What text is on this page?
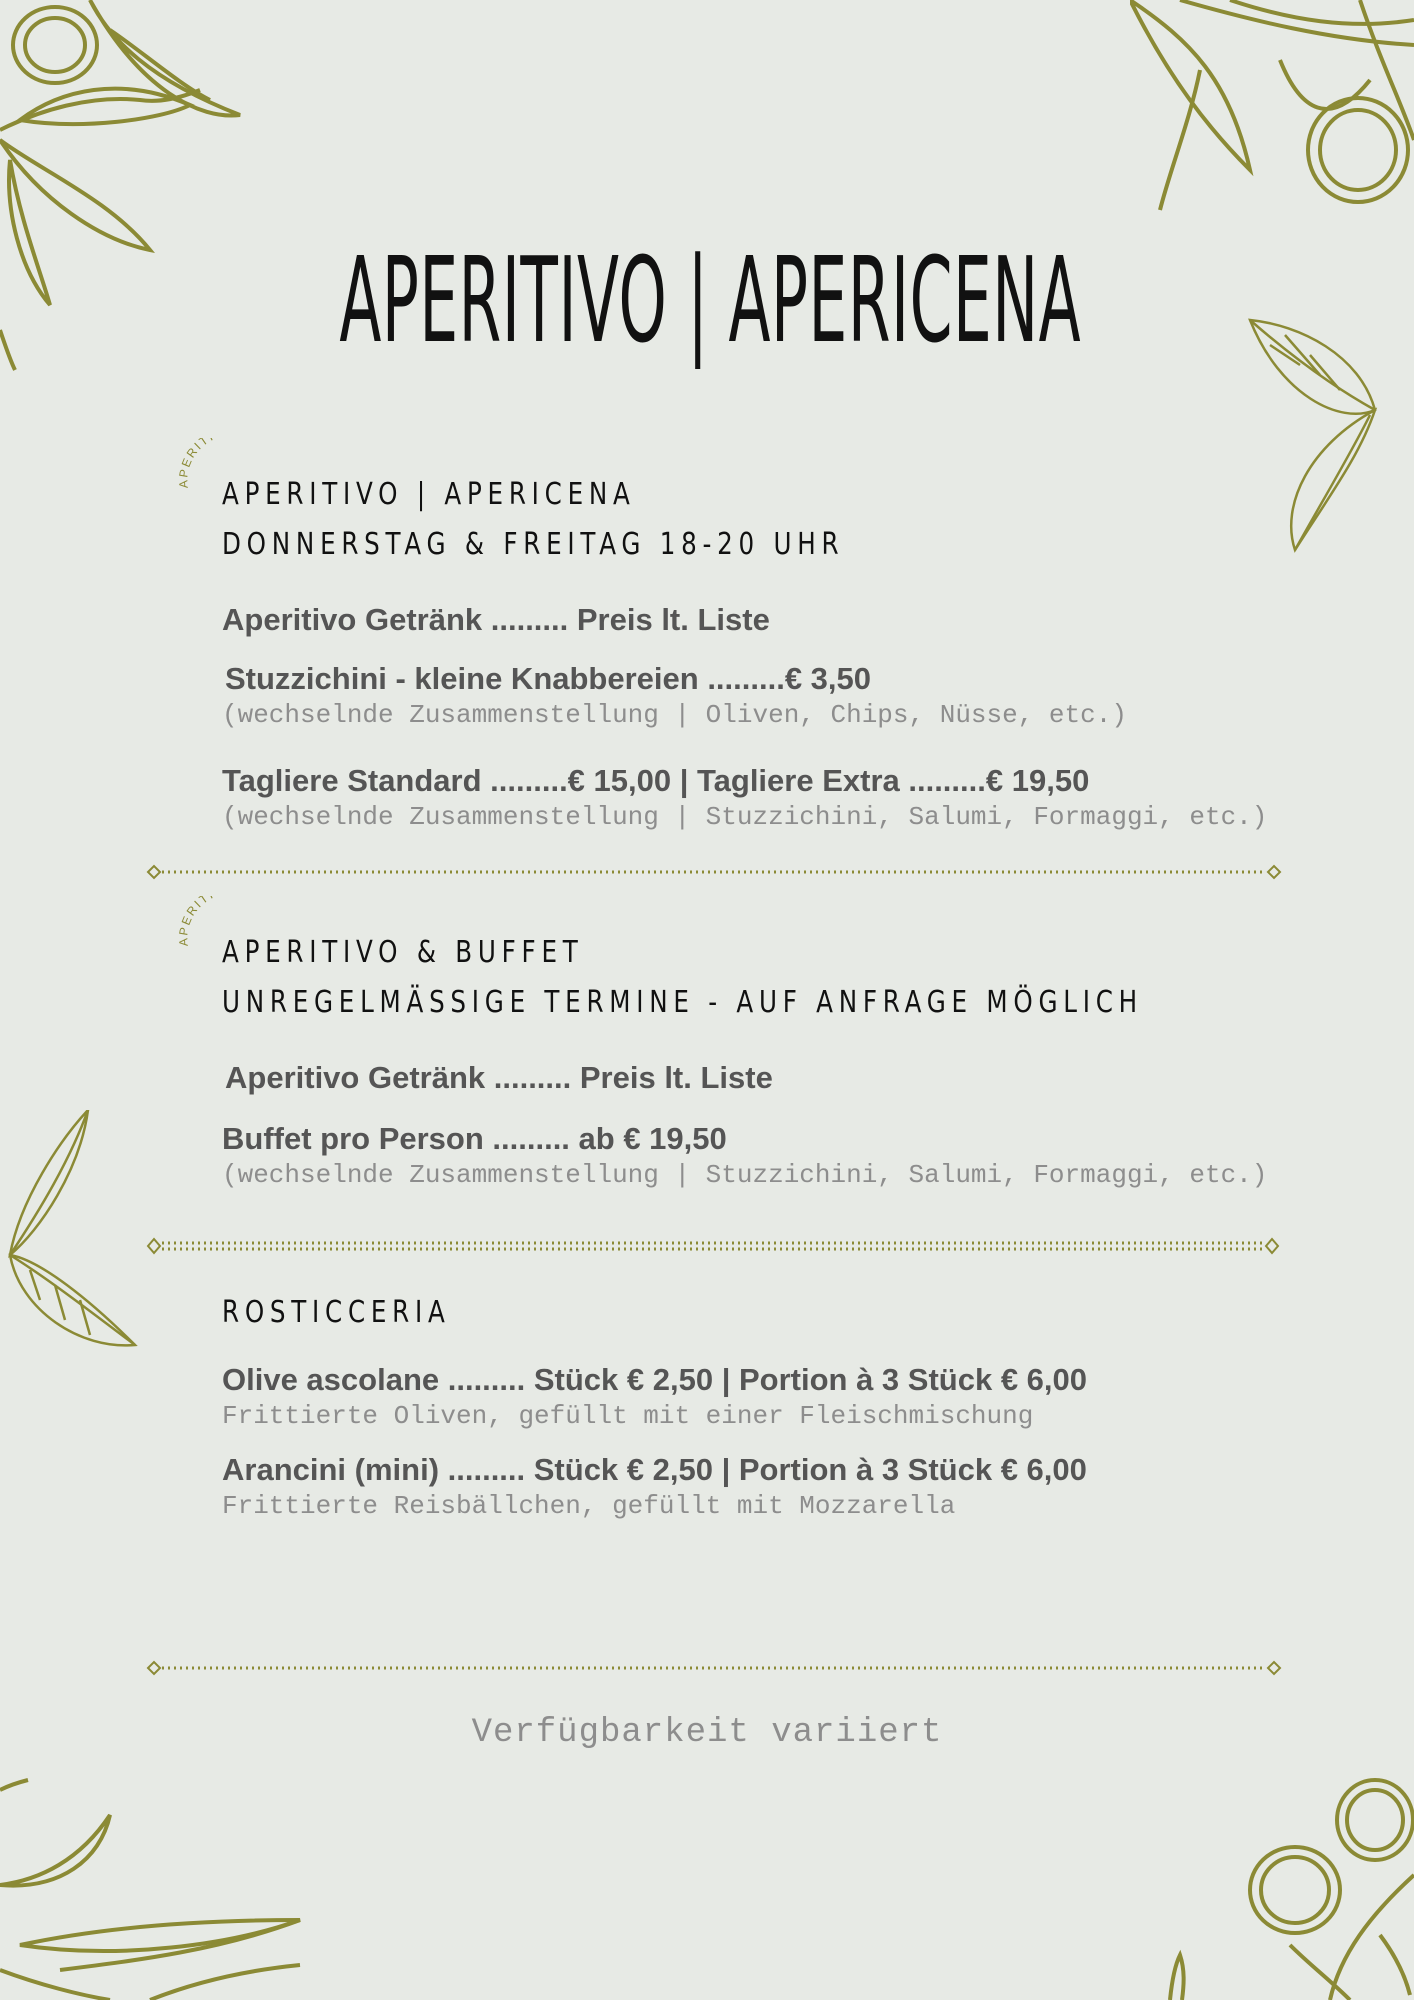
APERITIVO | APERICENA
ERIT
APERITIVO | APERICENA
DONNERSTAG & FREITAG 18-20 UHR
Aperitivo Getränk ......... Preis lt. Liste
Stuzzichini - kleine Knabbereien .........€ 3,50
(wechselnde Zusammenstellung | Oliven, Chips, Nüsse, etc.)
Tagliere Standard .........€ 15,00 | Tagliere Extra .........€ 19,50
(wechselnde Zusammenstellung | Stuzzichini, Salumi, Formaggi, etc.)
ERIT
APERITIVO & BUFFET
UNREGELMÄSSIGE TERMINE - AUF ANFRAGE MÖGLICH
Aperitivo Getränk ......... Preis lt. Liste
Buffet pro Person ......... ab € 19,50
(wechselnde Zusammenstellung | Stuzzichini, Salumi, Formaggi, etc.)
ROSTICCERIA
Olive ascolane ......... Stück € 2,50 | Portion à 3 Stück € 6,00
Frittierte Oliven, gefüllt mit einer Fleischmischung
Arancini (mini) ......... Stück € 2,50 | Portion à 3 Stück € 6,00
Frittierte Reisbällchen, gefüllt mit Mozzarella
Verfügbarkeit variiert
